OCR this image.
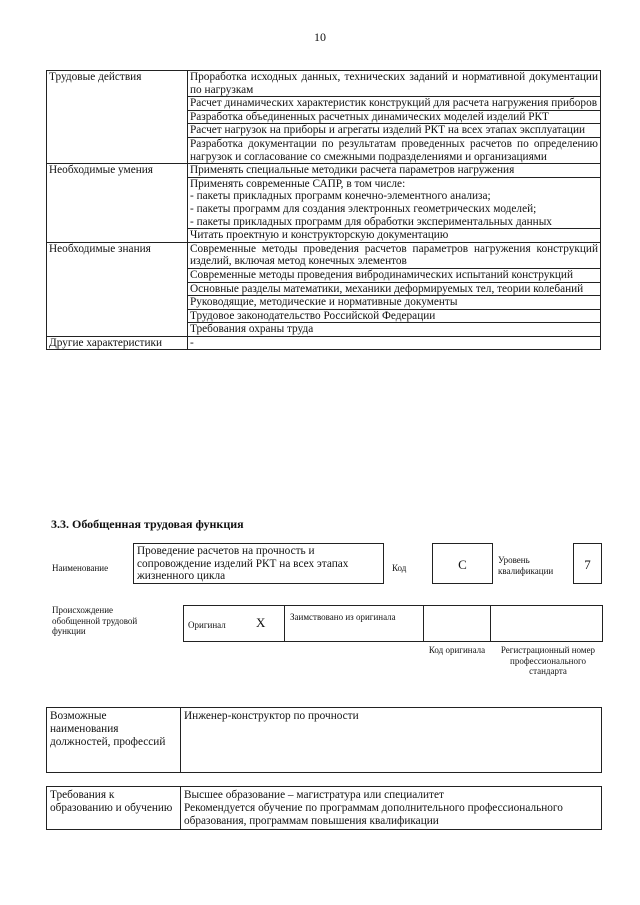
10
Трудовые действия	Проработка исходных данных, технических заданий и нормативной документации по нагрузкам
	Расчет динамических характеристик конструкций для расчета нагружения приборов
	Разработка объединенных расчетных динамических моделей изделий РКТ
	Расчет нагрузок на приборы и агрегаты изделий РКТ на всех этапах эксплуатации
	Разработка документации по результатам проведенных расчетов по определению нагрузок и согласование со смежными подразделениями и организациями
Необходимые умения	Применять специальные методики расчета параметров нагружения
	Применять современные САПР, в том числе:
- пакеты прикладных программ конечно-элементного анализа;
- пакеты программ для создания электронных геометрических моделей;
- пакеты прикладных программ для обработки экспериментальных данных
	Читать проектную и конструкторскую документацию
Необходимые знания	Современные методы проведения расчетов параметров нагружения конструкций изделий, включая метод конечных элементов
	Современные методы проведения вибродинамических испытаний конструкций
	Основные разделы математики, механики деформируемых тел, теории колебаний
	Руководящие, методические и нормативные документы
	Трудовое законодательство Российской Федерации
	Требования охраны труда
Другие характеристики	-
3.3. Обобщенная трудовая функция
Наименование
Проведение расчетов на прочность и сопровождение изделий РКТ на всех этапах жизненного цикла
Код	С	Уровень квалификации	7
Происхождение обобщенной трудовой функции
Оригинал X	Заимствовано из оригинала
Код оригинала	Регистрационный номер профессионального стандарта
Возможные наименования должностей, профессий	Инженер-конструктор по прочности
Требования к образованию и обучению	Высшее образование – магистратура или специалитет
Рекомендуется обучение по программам дополнительного профессионального образования, программам повышения квалификации
